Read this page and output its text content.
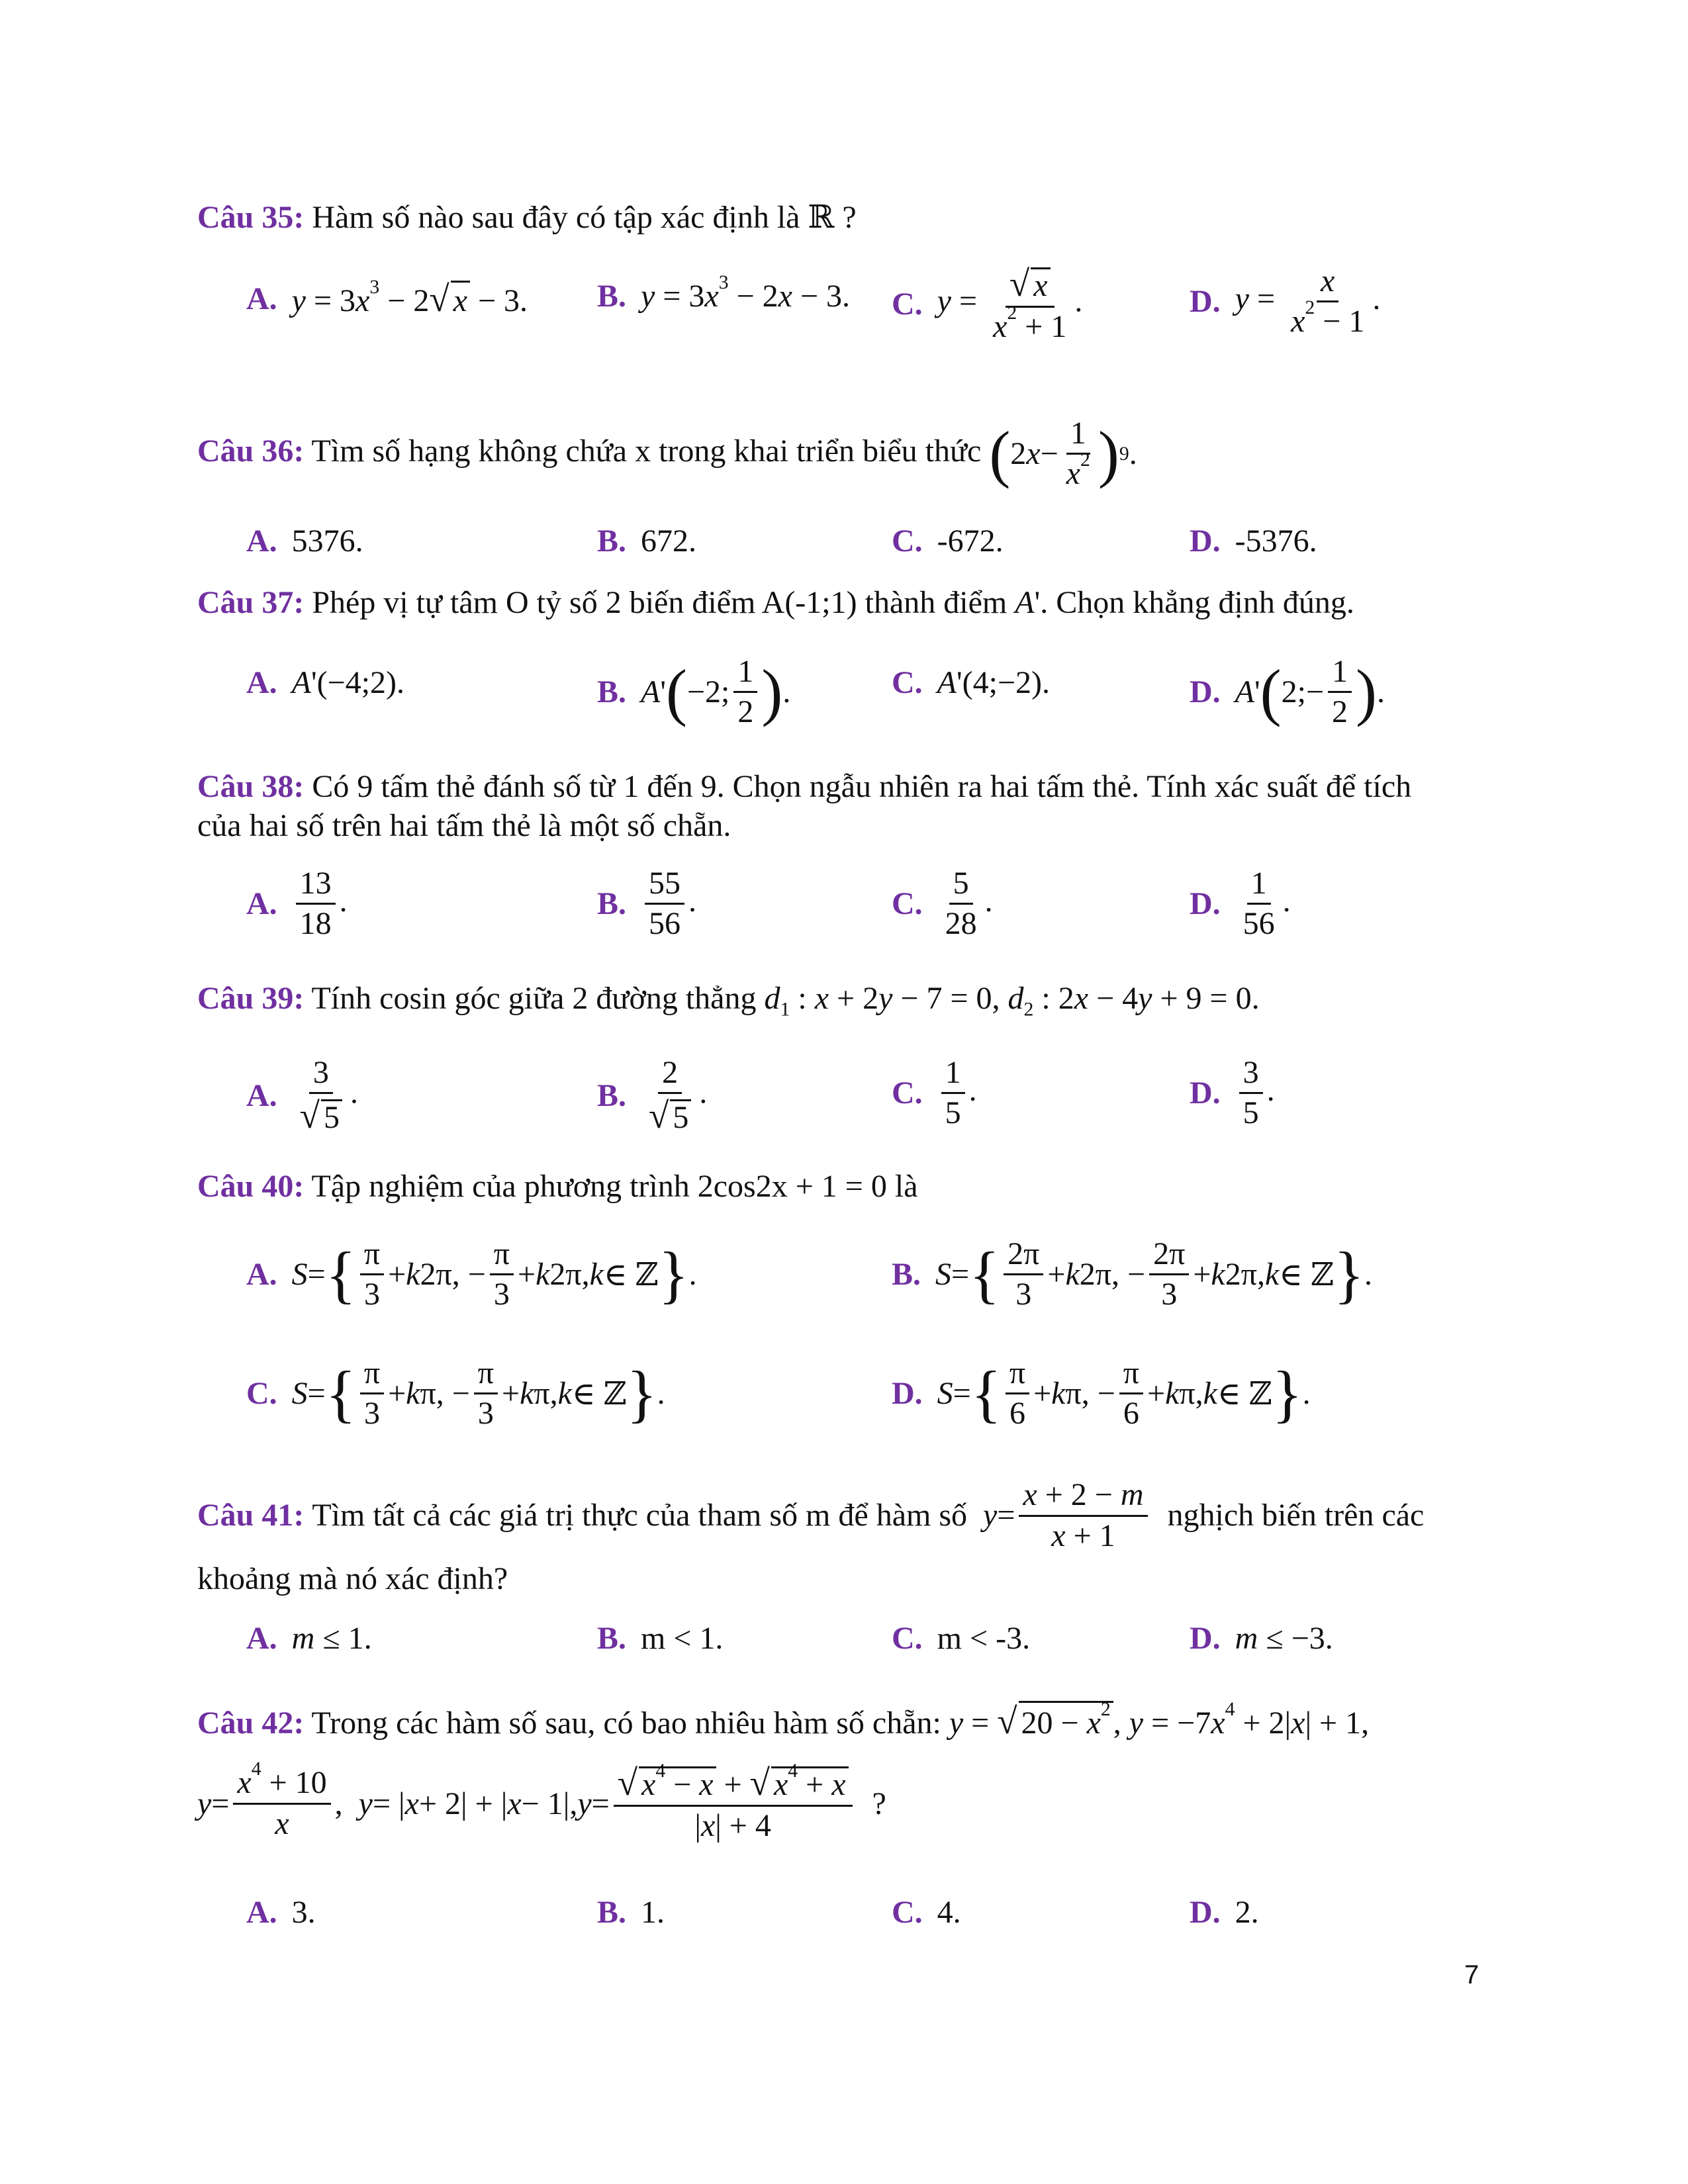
Câu 35: Hàm số nào sau đây có tập xác định là ℝ ?
A. $y = 3x^3 - 2√$ x − 3. B. $y = 3x^3 - 2x - 3$. C. $y = \frac{√ x}{x^2 + 1}$ .	D. $y = \frac{x}{x^2 - 1}$ .
Câu 36: Tìm số hạng không chứa x trong khai triển biểu thức ( 2 $x - \frac{1}{x^2}$ ) 9 .
A. 5376.	B. 672.	C. -672.	D. -5376.
Câu 37: Phép vị tự tâm O tỷ số 2 biến điểm A(-1;1) thành điểm A'. Chọn khẳng định đúng.
A. A'(−4;2).	B. A ' ( −2; $\frac{1}{2}$ ) .	C. A'(4;−2).	D. A ' ( 2;− $\frac{1}{2}$ ) .
Câu 38: Có 9 tấm thẻ đánh số từ 1 đến 9. Chọn ngẫu nhiên ra hai tấm thẻ. Tính xác suất để tích
của hai số trên hai tấm thẻ là một số chẵn.
A. $\frac{13}{18}$ .	B. $\frac{55}{56}$ .	C. $\frac{5}{28}$ .	D. $\frac{1}{56}$ .
Câu 39: Tính cosin góc giữa 2 đường thẳng $d_1$ : x + 2y − 7 = 0, $d_2$ : 2x − 4y + 9 = 0.
A. $\frac{3}{√ 5}$ .	B. $\frac{2}{√ 5}$ .	C. $\frac{1}{5}$ .	D. $\frac{3}{5}$ .
Câu 40: Tập nghiệm của phương trình 2cos2x + 1 = 0 là
A. S = { $\frac{\pi}{3} + k$ 2π, − $\frac{\pi}{3} + k$ 2π, k ∈ ℤ } .	B. S = { $\frac{2\pi}{3} + k$ 2π, − $\frac{2\pi}{3} + k$ 2π, k ∈ ℤ } .
C. S = { $\frac{\pi}{3} + k$ π, − $\frac{\pi}{3} + k$ π, k ∈ ℤ } .	D. S = { $\frac{\pi}{6} + k$ π, − $\frac{\pi}{6} + k$ π, k ∈ ℤ } .
Câu 41:
Tìm tất cả các giá trị thực của tham số m để hàm số
$y = \frac{x + 2 - m}{x + 1}$
nghịch biến trên các
khoảng mà nó xác định?
A. m ≤ 1.	B. m < 1.	C. m < -3.	D. m ≤ −3.
Câu 42: Trong các hàm số sau, có bao nhiêu hàm số chẵn: y = √ $20 - x^2$, $y = -7x^4 + 2|x| + 1$,
$y = \frac{x^4 + 10}{x}$ , y = | x + 2| + | x − 1|, $y = \frac{√ x^4 - x + √ x^4 + x}{|x| + 4}$ ?
A. 3.	B. 1.	C. 4.	D. 2.
7
